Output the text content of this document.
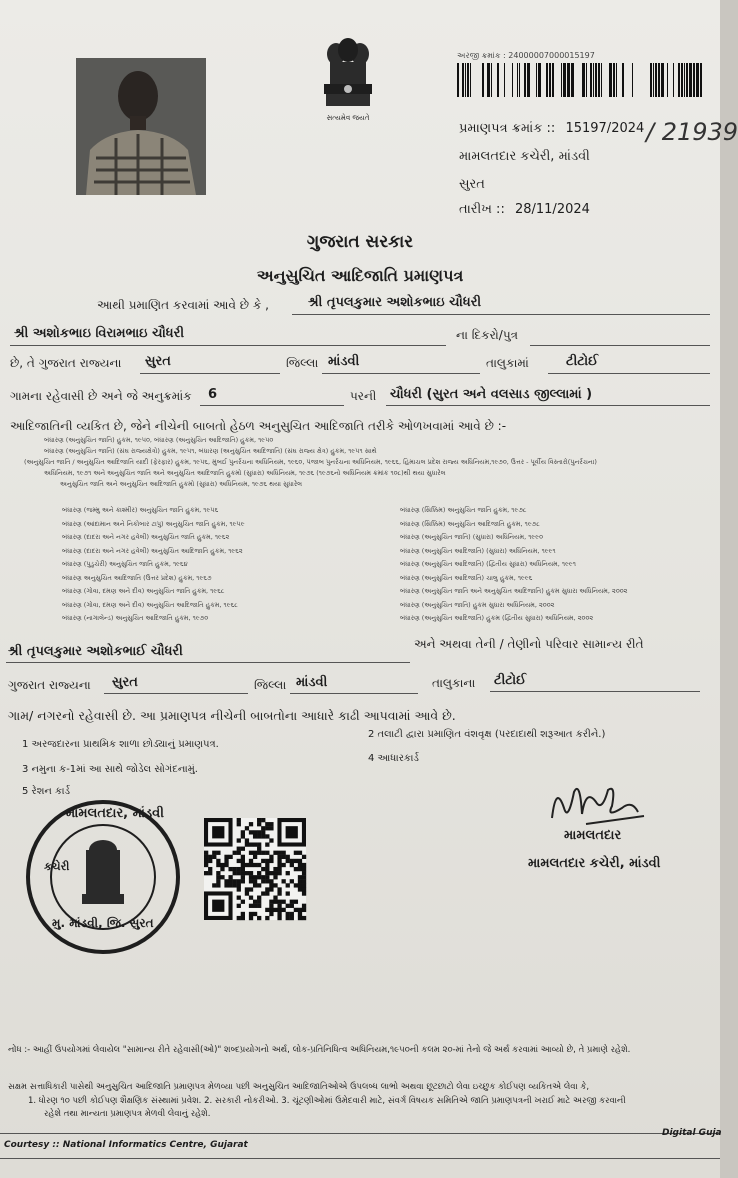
સત્યમેવ જયતે
અરજી ક્રમાંક : 24000007000015197
પ્રમાણપત્ર ક્રમાંક :: 15197/2024 / 21939
મામલતદાર કચેરી, માંડવી
સુરત
તારીખ :: 28/11/2024
ગુજરાત સરકાર
અનુસુચિત આદિજાતિ પ્રમાણપત્ર
આથી પ્રમાણિત કરવામાં આવે છે કે ,	શ્રી તૃપલકુમાર અશોકભાઇ ચૌધરી
શ્રી અશોકભાઇ વિરામભાઇ ચૌધરી	ના દિકરો/પુત્ર
છે, તે ગુજરાત રાજ્યના સુરત	જિલ્લા માંડવી	તાલુકામાં	ટીટોઈ
ગામના રહેવાસી છે અને જે અનુક્રમાંક 6	પરની ચૌધરી (સુરત અને વલસાડ જીલ્લામાં )
આદિજાતિની વ્યકિત છે, જેને નીચેની બાબતો હેઠળ અનુસુચિત આદિજાતિ તરીકે ઓળખવામાં આવે છે :-
બંધારણ (અનુસુચિત જાતિ) હુકમ, ૧૯૫૦, બંધારણ (અનુસુચિત આદિજાતિ) હુકમ, ૧૯૫૦
બંધારણ (અનુસુચિત જાતિ) (સંઘ રાજ્યક્ષેત્રો) હુકમ, ૧૯૫૧, બંધારણ (અનુસુચિત આદિજાતિ) (સંઘ રાજ્ય ક્ષેત્ર) હુકમ, ૧૯૫૧ સાથે
(અનુસુચિત જાતિ / અનુસુચિત આદિજાતિ યાદી (ફેરફાર) હુકમ, ૧૯૫૬, મુંબઈ પુનર્રચના અધિનિયમ, ૧૯૬૦, પંજાબ પુનર્રચના અધિનિયમ, ૧૯૬૬, હિમાચલ પ્રદેશ રાજ્ય અધિનિયમ,૧૯૭૦, ઉત્તર - પૂર્વીય વિસ્તારો(પુનર્રચના)
અધિનિયમ, ૧૯૭૧ અને અનુસુચિત જાતિ અને અનુસુચિત આદિજાતિ હુકમો (સુધારા) અધિનિયમ, ૧૯૭૬ (૧૯૭૬નો અધિનિયમ ક્રમાંક ૧૦૮)થી થયા સુધારેલ
અનુસુચિત જાતિ અને અનુસુચિત આદિજાતિ હુકમો (સુધારા) અધિનિયમ, ૧૯૭૬ થયા સુધારેલ
બંધારણ (જમ્મુ અને કાશ્મીર) અનુસુચિત જાતિ હુકમ, ૧૯૫૬
બંધારણ (આંદામાન અને નિકોબાર ટાપુ) અનુસુચિત જાતિ હુકમ, ૧૯૫૯
બંધારણ (દાદરા અને નગર હવેલી) અનુસુચિત જાતિ હુકમ, ૧૯૬૨
બંધારણ (દાદરા અને નગર હવેલી) અનુસુચિત આદિજાતિ હુકમ, ૧૯૬૨
બંધારણ (પુડુચેરી) અનુસુચિત જાતિ હુકમ, ૧૯૬૪
બંધારણ અનુસુચિત આદિજાતિ (ઉત્તર પ્રદેશ) હુકમ, ૧૯૬૭
બંધારણ (ગોવા, દમણ અને દીવ) અનુસુચિત જાતિ હુકમ, ૧૯૬૮
બંધારણ (ગોવા, દમણ અને દીવ) અનુસુચિત આદિજાતિ હુકમ, ૧૯૬૮
બંધારણ (નાગાલેન્ડ) અનુસુચિત આદિજાતિ હુકમ, ૧૯૭૦
બંધારણ (સિક્કિમ) અનુસુચિત જાતિ હુકમ, ૧૯૭૮
બંધારણ (સિક્કિમ) અનુસુચિત આદિજાતિ હુકમ, ૧૯૭૮
બંધારણ (અનુસુચિત જાતિ) (સુધારા) અધિનિયમ, ૧૯૯૦
બંધારણ (અનુસુચિત આદિજાતિ) (સુધારા) અધિનિયમ, ૧૯૯૧
બંધારણ (અનુસુચિત આદિજાતિ) (દ્વિતીય સુધારા) અધિનિયમ, ૧૯૯૧
બંધારણ (અનુસુચિત આદિજાતિ) ચાલુ હુકમ, ૧૯૯૬
બંધારણ (અનુસુચિત જાતિ અને અનુસુચિત આદિજાતિ) હુકમ સુધારા અધિનિયમ, ૨૦૦૨
બંધારણ (અનુસુચિત જાતિ) હુકમ સુધારા અધિનિયમ, ૨૦૦૨
બંધારણ (અનુસુચિત આદિજાતિ) હુકમ (દ્વિતીય સુધારા) અધિનિયમ, ૨૦૦૨
શ્રી તૃપલકુમાર અશોકભાઈ ચૌધરી	અને અથવા તેની / તેણીનો પરિવાર સામાન્ય રીતે
ગુજરાત રાજ્યના સુરત	જિલ્લા માંડવી	તાલુકાના ટીટોઈ
ગામ/ નગરનો રહેવાસી છે. આ પ્રમાણપત્ર નીચેની બાબતોના આધારે કાઢી આપવામાં આવે છે.
1 અરજદારના પ્રાથમિક શાળા છોડ્યાનું પ્રમાણપત્ર.
2 તલાટી દ્વારા પ્રમાણિત વંશવૃક્ષ (પરદાદાથી શરૂઆત કરીને.)
3 નમુના ક-1માં આ સાથે જોડેલ સોગંદનામું.
4 આધારકાર્ડ
5 રેશન કાર્ડ
મામલતદાર, માંડવી
કચેરી
મુ. માંડવી, જિ. સુરત
મામલતદાર
મામલતદાર કચેરી, માંડવી
નોંધ :- આહીં ઉપયોગમાં લેવાયેલ "સામાન્ય રીતે રહેવાસી(ઓ)" શબ્દપ્રયોગનો અર્થ, લોક-પ્રતિનિધિત્વ અધિનિયમ,૧૯૫૦ની કલમ ૨૦-માં તેનો જે અર્થ કરવામાં આવ્યો છે, તે પ્રમાણે રહેશે.
સક્ષમ સત્તાધિકારી પાસેથી અનુસુચિત આદિજાતિ પ્રમાણપત્ર મેળવ્યા પછી અનુસુચિત આદિજાતિઓએ ઉપલબ્ધ લાભો અથવા છૂટછાટો લેવા ઇચ્છુક કોઈપણ વ્યકિતએ લેવા કે,
1. ધોરણ ૧૦ પછી કોઈપણ શૈક્ષણિક સંસ્થામાં પ્રવેશ. 2. સરકારી નોકરીઓ. 3. ચૂંટણીઓમાં ઉમેદવારી માટે, સંવર્ગ વિષયક સમિતિએ જાતિ પ્રમાણપત્રની ખરાઈ માટે અરજી કરવાની
રહેશે તથા માન્યતા પ્રમાણપત્ર મેળવી લેવાનું રહેશે.
Courtesy :: National Informatics Centre, Gujarat
Digital Guja
